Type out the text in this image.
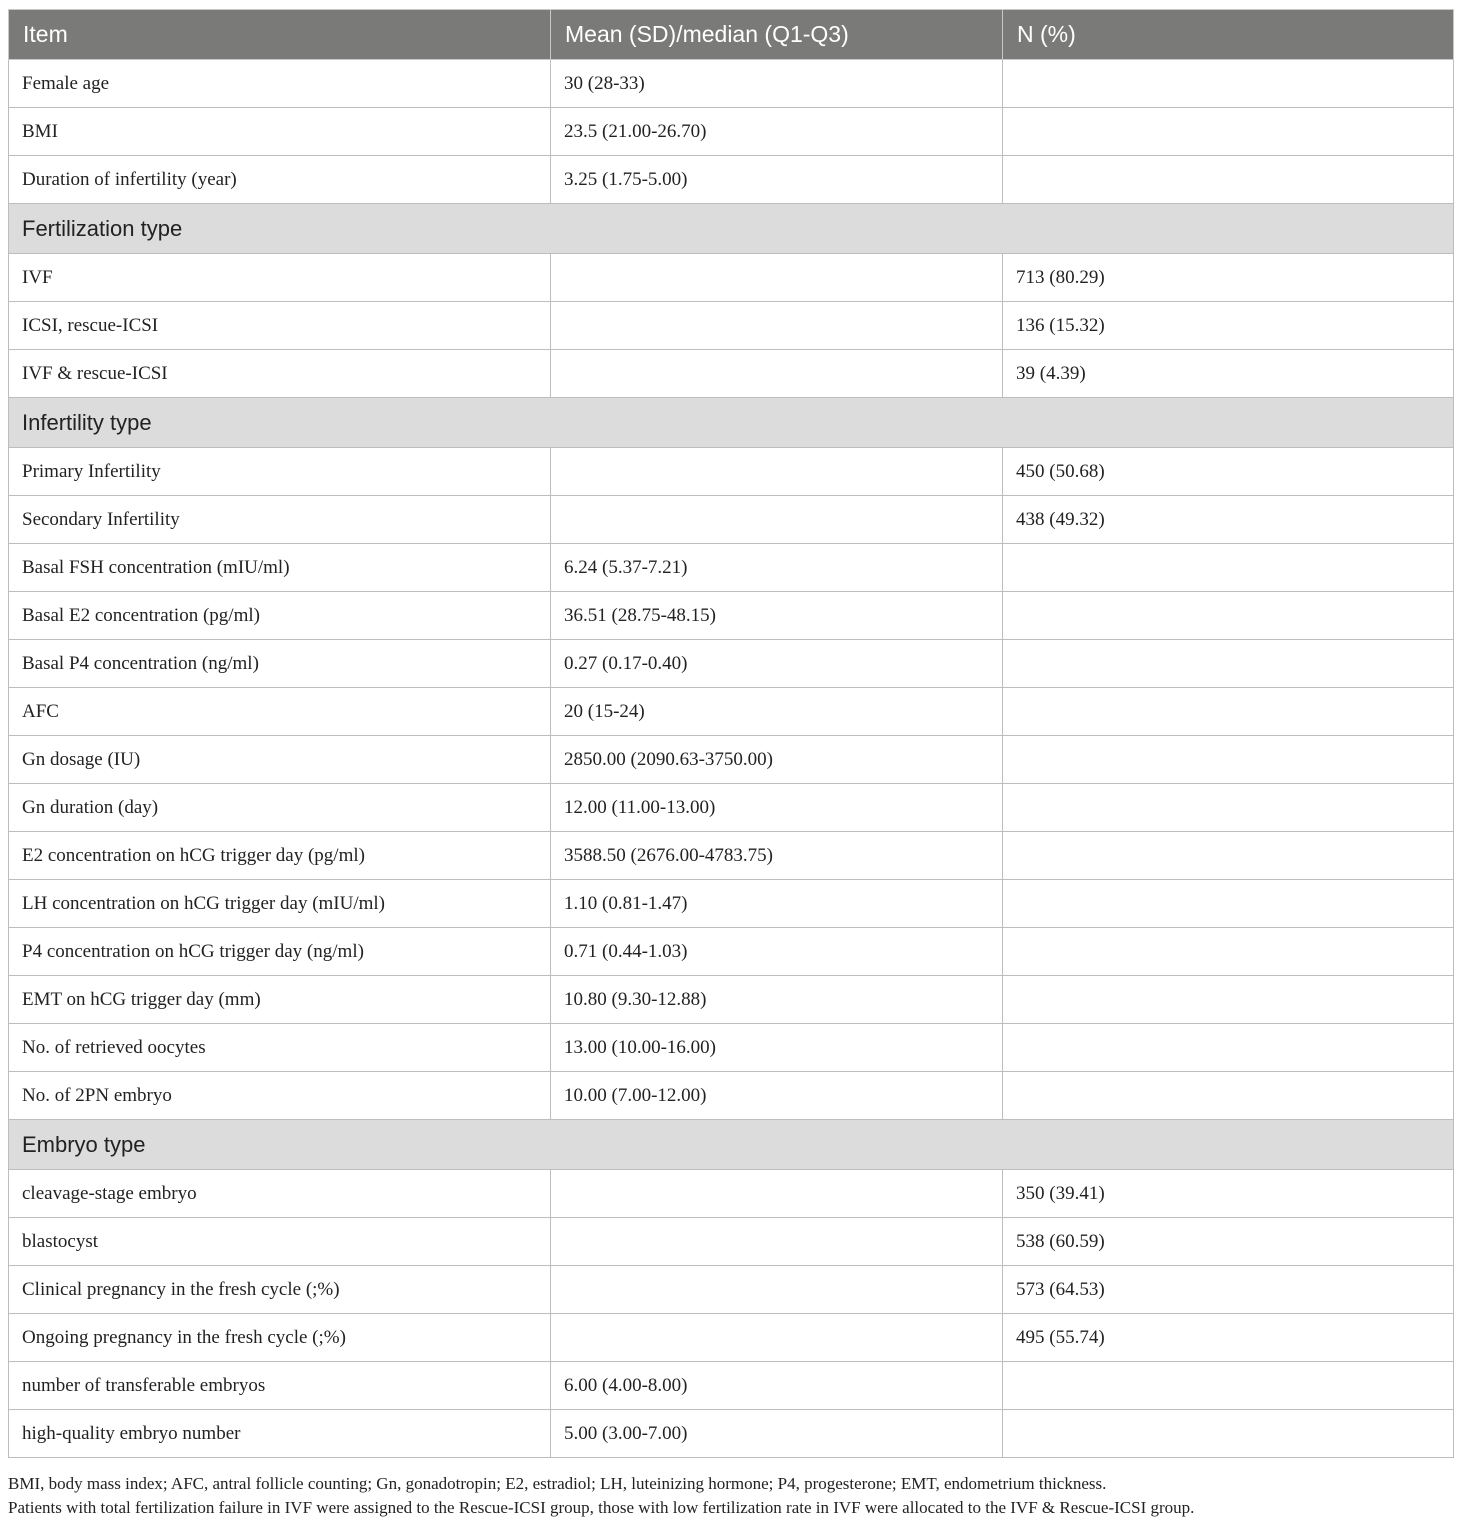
Item	Mean (SD)/median (Q1-Q3)	N (%)
Female age	30 (28-33)	
BMI	23.5 (21.00-26.70)	
Duration of infertility (year)	3.25 (1.75-5.00)	
Fertilization type		
IVF		713 (80.29)
ICSI, rescue-ICSI		136 (15.32)
IVF & rescue-ICSI		39 (4.39)
Infertility type		
Primary Infertility		450 (50.68)
Secondary Infertility		438 (49.32)
Basal FSH concentration (mIU/ml)	6.24 (5.37-7.21)	
Basal E2 concentration (pg/ml)	36.51 (28.75-48.15)	
Basal P4 concentration (ng/ml)	0.27 (0.17-0.40)	
AFC	20 (15-24)	
Gn dosage (IU)	2850.00 (2090.63-3750.00)	
Gn duration (day)	12.00 (11.00-13.00)	
E2 concentration on hCG trigger day (pg/ml)	3588.50 (2676.00-4783.75)	
LH concentration on hCG trigger day (mIU/ml)	1.10 (0.81-1.47)	
P4 concentration on hCG trigger day (ng/ml)	0.71 (0.44-1.03)	
EMT on hCG trigger day (mm)	10.80 (9.30-12.88)	
No. of retrieved oocytes	13.00 (10.00-16.00)	
No. of 2PN embryo	10.00 (7.00-12.00)	
Embryo type		
cleavage-stage embryo		350 (39.41)
blastocyst		538 (60.59)
Clinical pregnancy in the fresh cycle (;%)		573 (64.53)
Ongoing pregnancy in the fresh cycle (;%)		495 (55.74)
number of transferable embryos	6.00 (4.00-8.00)	
high-quality embryo number	5.00 (3.00-7.00)	

BMI, body mass index; AFC, antral follicle counting; Gn, gonadotropin; E2, estradiol; LH, luteinizing hormone; P4, progesterone; EMT, endometrium thickness.

Patients with total fertilization failure in IVF were assigned to the Rescue-ICSI group, those with low fertilization rate in IVF were allocated to the IVF & Rescue-ICSI group.
